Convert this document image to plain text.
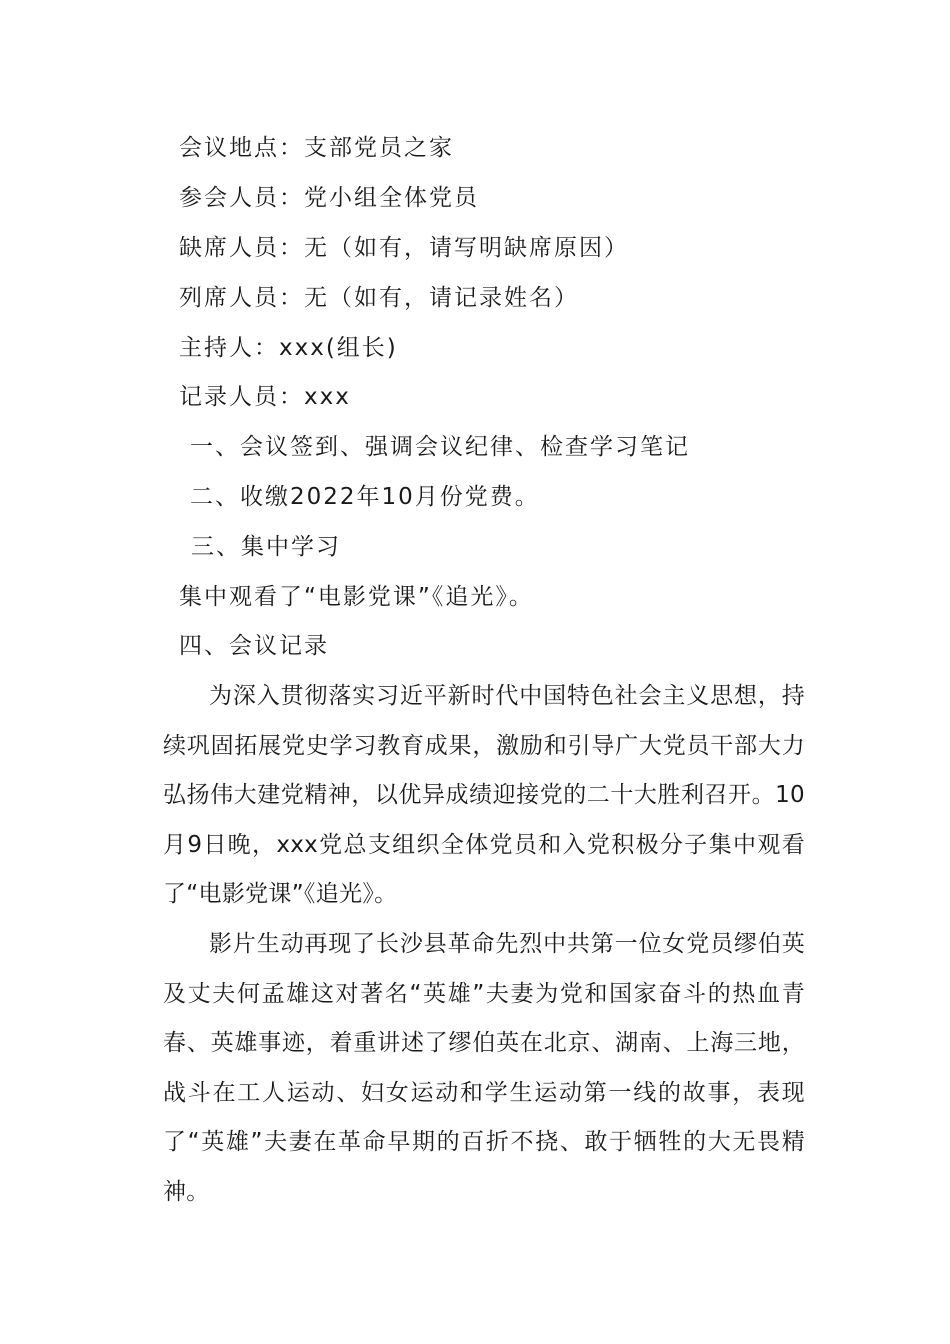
会议地点：支部党员之家
参会人员：党小组全体党员
缺席人员：无（如有，请写明缺席原因）
列席人员：无（如有，请记录姓名）
主持人：xxx(组长)
记录人员：xxx
一、会议签到、强调会议纪律、检查学习笔记
二、收缴2022年10月份党费。
三、集中学习
集中观看了“电影党课”《追光》。
四、会议记录
为深入贯彻落实习近平新时代中国特色社会主义思想，持续巩固拓展党史学习教育成果，激励和引导广大党员干部大力弘扬伟大建党精神，以优异成绩迎接党的二十大胜利召开。10月9日晚，xxx党总支组织全体党员和入党积极分子集中观看了“电影党课”《追光》。
影片生动再现了长沙县革命先烈中共第一位女党员缪伯英及丈夫何孟雄这对著名“英雄”夫妻为党和国家奋斗的热血青春、英雄事迹，着重讲述了缪伯英在北京、湖南、上海三地，战斗在工人运动、妇女运动和学生运动第一线的故事，表现了“英雄”夫妻在革命早期的百折不挠、敢于牺牲的大无畏精神。
